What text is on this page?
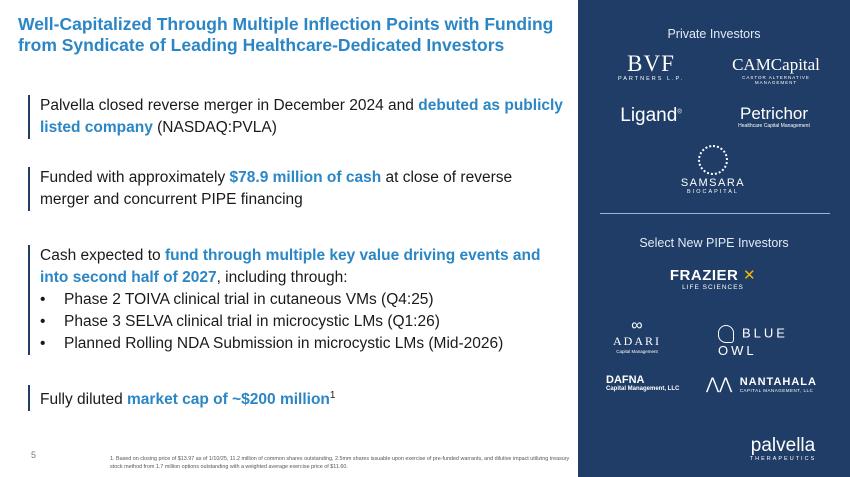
Well-Capitalized Through Multiple Inflection Points with Funding
from Syndicate of Leading Healthcare-Dedicated Investors
Palvella closed reverse merger in December 2024 and debuted as publicly listed company (NASDAQ:PVLA)
Funded with approximately $78.9 million of cash at close of reverse merger and concurrent PIPE financing
Cash expected to fund through multiple key value driving events and into second half of 2027, including through:
• Phase 2 TOIVA clinical trial in cutaneous VMs (Q4:25)
• Phase 3 SELVA clinical trial in microcystic LMs (Q1:26)
• Planned Rolling NDA Submission in microcystic LMs (Mid-2026)
Fully diluted market cap of ~$200 million$^1$
5	1. Based on closing price of $13.97 as of 1/10/25, 11.2 million of common shares outstanding, 2.5mm shares issuable upon exercise of pre-funded warrants, and dilutive impact utilizing treasury stock method from 1.7 million options outstanding with a weighted average exercise price of $11.60.
Private Investors
BVF
PARTNERS L.P.
CAMCapital
CASTOR ALTERNATIVE MANAGEMENT
Ligand®	Petrichor
Healthcare Capital Management
SAMSARA
BIOCAPITAL
Select New PIPE Investors
FRAZIER ✕
LIFE SCIENCES
∞
ADARI
Capital Management
BLUE OWL
DAFNA
Capital Management, LLC	⋀⋀ NANTAHALA
CAPITAL MANAGEMENT, LLC
palvella
THERAPEUTICS
